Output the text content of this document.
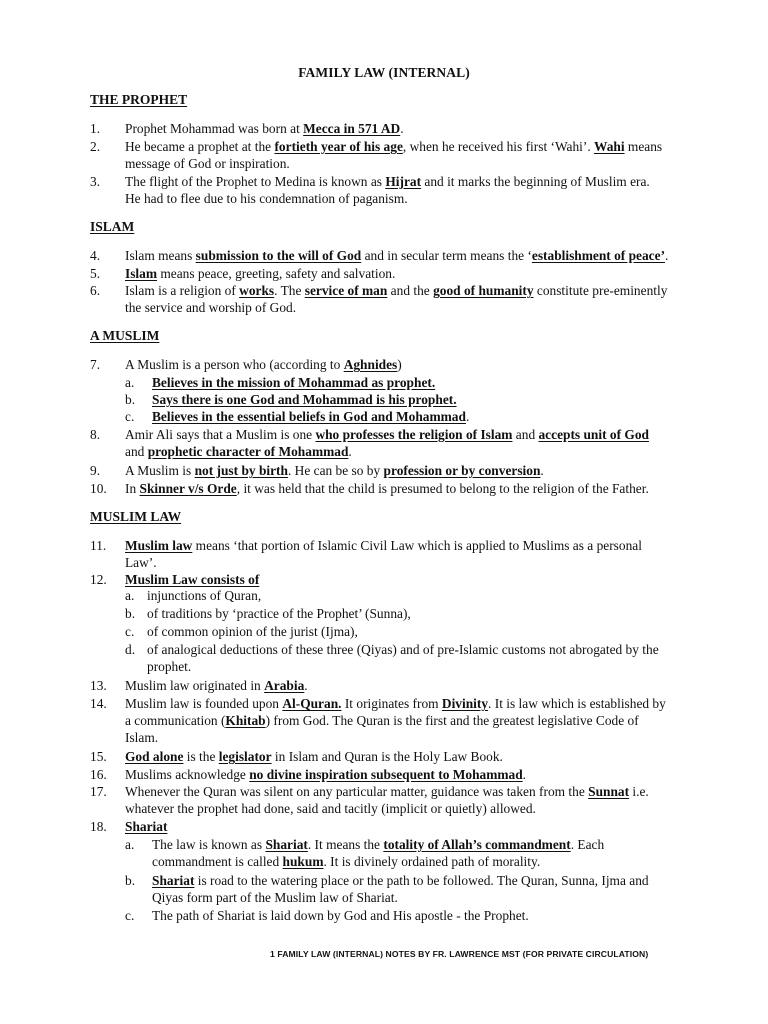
FAMILY LAW (INTERNAL)
THE PROPHET
1. Prophet Mohammad was born at Mecca in 571 AD.
2. He became a prophet at the fortieth year of his age, when he received his first ‘Wahi’. Wahi means
message of God or inspiration.
3. The flight of the Prophet to Medina is known as Hijrat and it marks the beginning of Muslim era.
He had to flee due to his condemnation of paganism.
ISLAM
4. Islam means submission to the will of God and in secular term means the ‘establishment of peace’.
5. Islam means peace, greeting, safety and salvation.
6. Islam is a religion of works. The service of man and the good of humanity constitute pre-eminently
the service and worship of God.
A MUSLIM
7. A Muslim is a person who (according to Aghnides)
a. Believes in the mission of Mohammad as prophet.
b. Says there is one God and Mohammad is his prophet.
c. Believes in the essential beliefs in God and Mohammad.
8. Amir Ali says that a Muslim is one who professes the religion of Islam and accepts unit of God
and prophetic character of Mohammad.
9. A Muslim is not just by birth. He can be so by profession or by conversion.
10. In Skinner v/s Orde, it was held that the child is presumed to belong to the religion of the Father.
MUSLIM LAW
11. Muslim law means ‘that portion of Islamic Civil Law which is applied to Muslims as a personal
Law’.
12. Muslim Law consists of
a. injunctions of Quran,
b. of traditions by ‘practice of the Prophet’ (Sunna),
c. of common opinion of the jurist (Ijma),
d. of analogical deductions of these three (Qiyas) and of pre-Islamic customs not abrogated by the
prophet.
13. Muslim law originated in Arabia.
14. Muslim law is founded upon Al-Quran. It originates from Divinity. It is law which is established by
a communication (Khitab) from God. The Quran is the first and the greatest legislative Code of
Islam.
15. God alone is the legislator in Islam and Quran is the Holy Law Book.
16. Muslims acknowledge no divine inspiration subsequent to Mohammad.
17. Whenever the Quran was silent on any particular matter, guidance was taken from the Sunnat i.e.
whatever the prophet had done, said and tacitly (implicit or quietly) allowed.
18. Shariat
a. The law is known as Shariat. It means the totality of Allah’s commandment. Each
commandment is called hukum. It is divinely ordained path of morality.
b. Shariat is road to the watering place or the path to be followed. The Quran, Sunna, Ijma and
Qiyas form part of the Muslim law of Shariat.
c. The path of Shariat is laid down by God and His apostle - the Prophet.
1 FAMILY LAW (INTERNAL) NOTES BY FR. LAWRENCE MST (FOR PRIVATE CIRCULATION)
